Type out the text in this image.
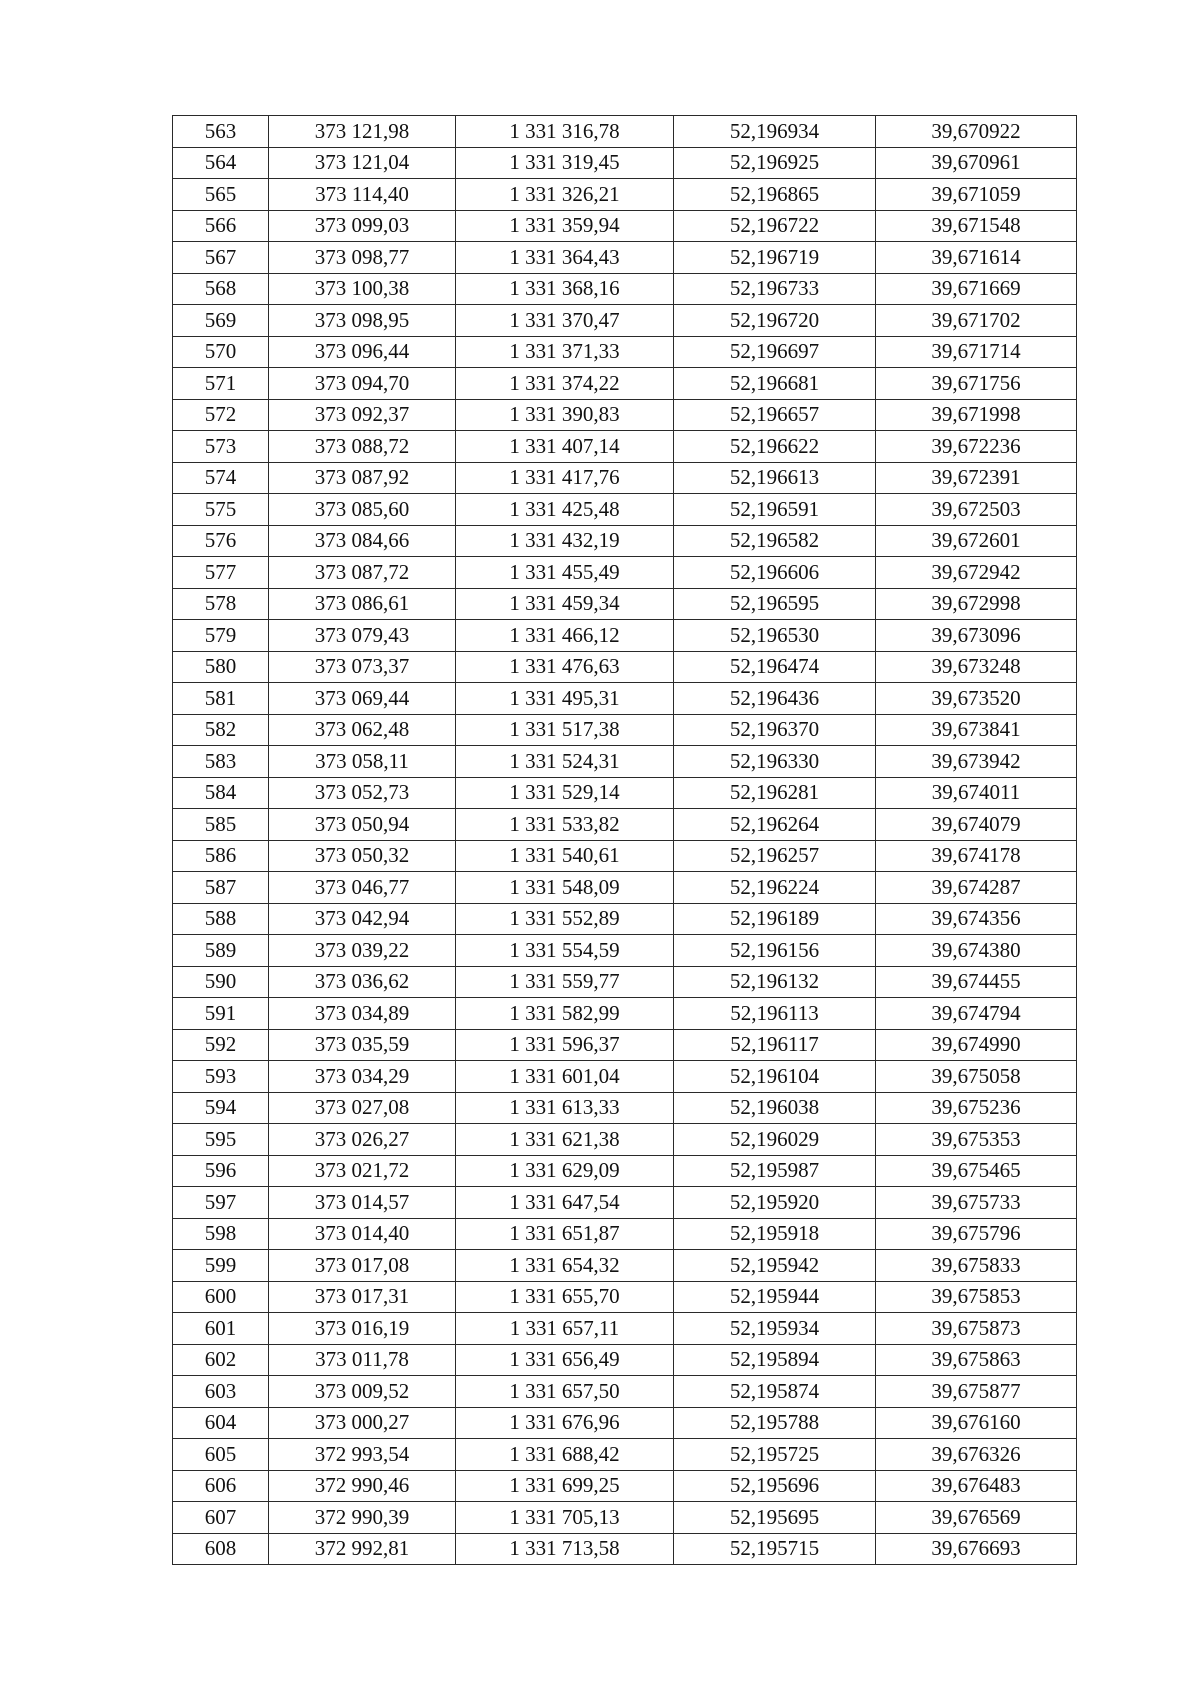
563	373 121,98	1 331 316,78	52,196934	39,670922
564	373 121,04	1 331 319,45	52,196925	39,670961
565	373 114,40	1 331 326,21	52,196865	39,671059
566	373 099,03	1 331 359,94	52,196722	39,671548
567	373 098,77	1 331 364,43	52,196719	39,671614
568	373 100,38	1 331 368,16	52,196733	39,671669
569	373 098,95	1 331 370,47	52,196720	39,671702
570	373 096,44	1 331 371,33	52,196697	39,671714
571	373 094,70	1 331 374,22	52,196681	39,671756
572	373 092,37	1 331 390,83	52,196657	39,671998
573	373 088,72	1 331 407,14	52,196622	39,672236
574	373 087,92	1 331 417,76	52,196613	39,672391
575	373 085,60	1 331 425,48	52,196591	39,672503
576	373 084,66	1 331 432,19	52,196582	39,672601
577	373 087,72	1 331 455,49	52,196606	39,672942
578	373 086,61	1 331 459,34	52,196595	39,672998
579	373 079,43	1 331 466,12	52,196530	39,673096
580	373 073,37	1 331 476,63	52,196474	39,673248
581	373 069,44	1 331 495,31	52,196436	39,673520
582	373 062,48	1 331 517,38	52,196370	39,673841
583	373 058,11	1 331 524,31	52,196330	39,673942
584	373 052,73	1 331 529,14	52,196281	39,674011
585	373 050,94	1 331 533,82	52,196264	39,674079
586	373 050,32	1 331 540,61	52,196257	39,674178
587	373 046,77	1 331 548,09	52,196224	39,674287
588	373 042,94	1 331 552,89	52,196189	39,674356
589	373 039,22	1 331 554,59	52,196156	39,674380
590	373 036,62	1 331 559,77	52,196132	39,674455
591	373 034,89	1 331 582,99	52,196113	39,674794
592	373 035,59	1 331 596,37	52,196117	39,674990
593	373 034,29	1 331 601,04	52,196104	39,675058
594	373 027,08	1 331 613,33	52,196038	39,675236
595	373 026,27	1 331 621,38	52,196029	39,675353
596	373 021,72	1 331 629,09	52,195987	39,675465
597	373 014,57	1 331 647,54	52,195920	39,675733
598	373 014,40	1 331 651,87	52,195918	39,675796
599	373 017,08	1 331 654,32	52,195942	39,675833
600	373 017,31	1 331 655,70	52,195944	39,675853
601	373 016,19	1 331 657,11	52,195934	39,675873
602	373 011,78	1 331 656,49	52,195894	39,675863
603	373 009,52	1 331 657,50	52,195874	39,675877
604	373 000,27	1 331 676,96	52,195788	39,676160
605	372 993,54	1 331 688,42	52,195725	39,676326
606	372 990,46	1 331 699,25	52,195696	39,676483
607	372 990,39	1 331 705,13	52,195695	39,676569
608	372 992,81	1 331 713,58	52,195715	39,676693
